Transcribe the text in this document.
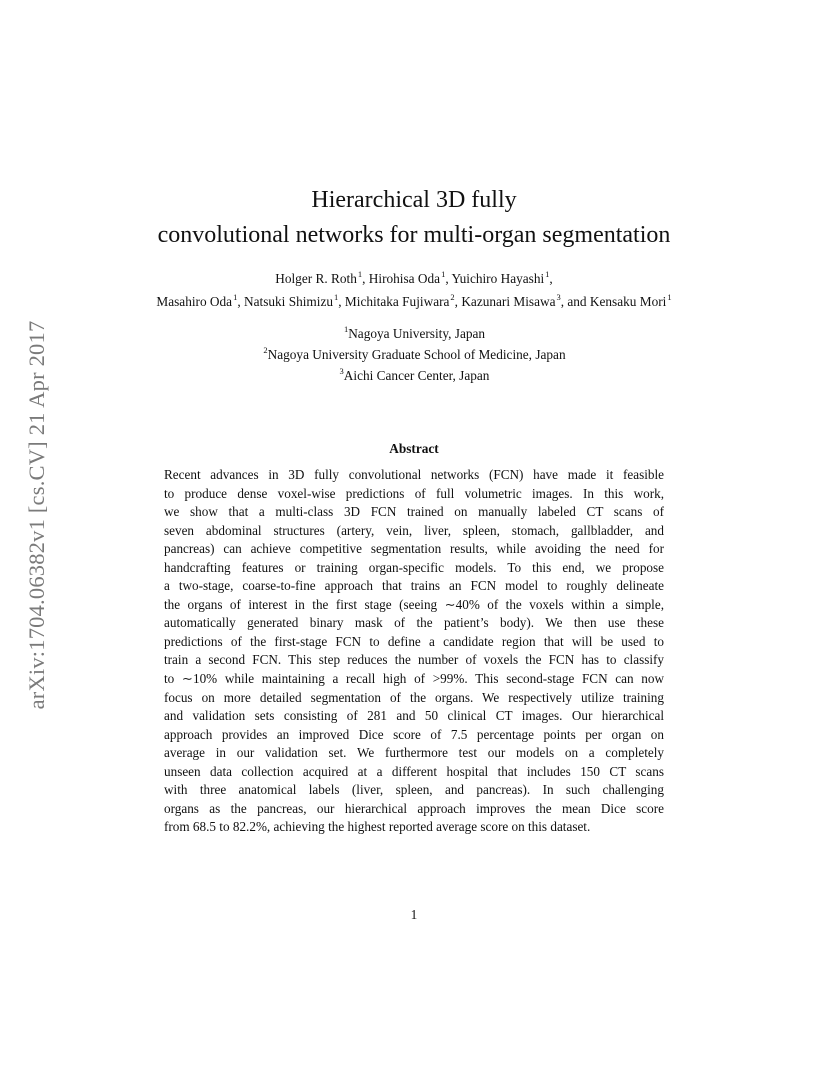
arXiv:1704.06382v1 [cs.CV] 21 Apr 2017
Hierarchical 3D fully
convolutional networks for multi-organ segmentation
Holger R. Roth$^1$, Hirohisa Oda$^1$, Yuichiro Hayashi$^1$,
Masahiro Oda$^1$, Natsuki Shimizu$^1$, Michitaka Fujiwara$^2$, Kazunari Misawa$^3$, and Kensaku Mori$^1$
$^1$Nagoya University, Japan
$^2$Nagoya University Graduate School of Medicine, Japan
$^3$Aichi Cancer Center, Japan
Abstract
Recent advances in 3D fully convolutional networks (FCN) have made it feasible
to produce dense voxel-wise predictions of full volumetric images. In this work,
we show that a multi-class 3D FCN trained on manually labeled CT scans of
seven abdominal structures (artery, vein, liver, spleen, stomach, gallbladder, and
pancreas) can achieve competitive segmentation results, while avoiding the need for
handcrafting features or training organ-specific models. To this end, we propose
a two-stage, coarse-to-fine approach that trains an FCN model to roughly delineate
the organs of interest in the first stage (seeing ∼40% of the voxels within a simple,
automatically generated binary mask of the patient’s body). We then use these
predictions of the first-stage FCN to define a candidate region that will be used to
train a second FCN. This step reduces the number of voxels the FCN has to classify
to ∼10% while maintaining a recall high of >99%. This second-stage FCN can now
focus on more detailed segmentation of the organs. We respectively utilize training
and validation sets consisting of 281 and 50 clinical CT images. Our hierarchical
approach provides an improved Dice score of 7.5 percentage points per organ on
average in our validation set. We furthermore test our models on a completely
unseen data collection acquired at a different hospital that includes 150 CT scans
with three anatomical labels (liver, spleen, and pancreas). In such challenging
organs as the pancreas, our hierarchical approach improves the mean Dice score
from 68.5 to 82.2%, achieving the highest reported average score on this dataset.
1
